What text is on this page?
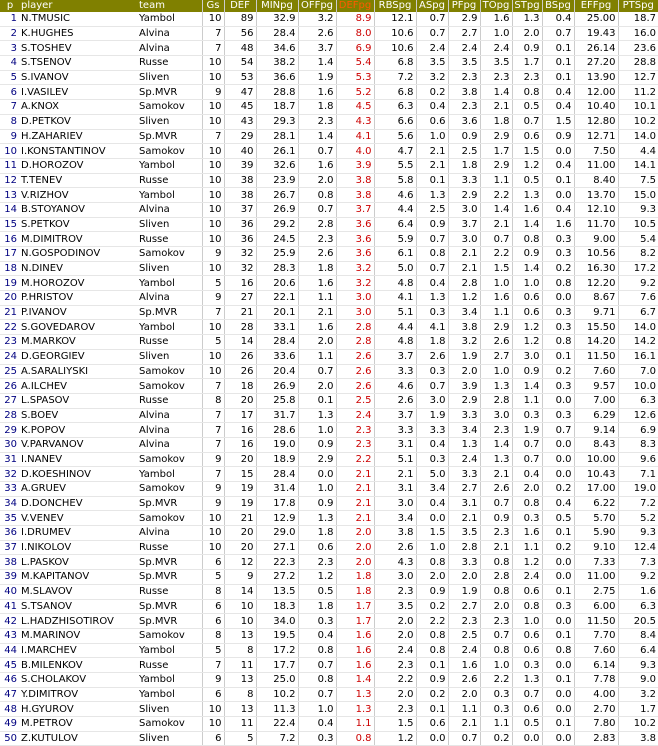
p	player	team	Gs	DEF	MINpg	OFFpg	DEFpg	RBSpg	ASpg	PFpg	TOpg	STpg	BSpg	EFFpg	PTSpg
1	N.TMUSIC	Yambol	10	89	32.9	3.2	8.9	12.1	0.7	2.9	1.6	1.3	0.4	25.00	18.7
2	K.HUGHES	Alvina	7	56	28.4	2.6	8.0	10.6	0.7	2.7	1.0	2.0	0.7	19.43	16.0
3	S.TOSHEV	Alvina	7	48	34.6	3.7	6.9	10.6	2.4	2.4	2.4	0.9	0.1	26.14	23.6
4	S.TSENOV	Russe	10	54	38.2	1.4	5.4	6.8	3.5	3.5	3.5	1.7	0.1	27.20	28.8
5	S.IVANOV	Sliven	10	53	36.6	1.9	5.3	7.2	3.2	2.3	2.3	2.3	0.1	13.90	12.7
6	I.VASILEV	Sp.MVR	9	47	28.8	1.6	5.2	6.8	0.2	3.8	1.4	0.8	0.4	12.00	11.2
7	A.KNOX	Samokov	10	45	18.7	1.8	4.5	6.3	0.4	2.3	2.1	0.5	0.4	10.40	10.1
8	D.PETKOV	Sliven	10	43	29.3	2.3	4.3	6.6	0.6	3.6	1.8	0.7	1.5	12.80	10.2
9	H.ZAHARIEV	Sp.MVR	7	29	28.1	1.4	4.1	5.6	1.0	0.9	2.9	0.6	0.9	12.71	14.0
10	I.KONSTANTINOV	Samokov	10	40	26.1	0.7	4.0	4.7	2.1	2.5	1.7	1.5	0.0	7.50	4.4
11	D.HOROZOV	Yambol	10	39	32.6	1.6	3.9	5.5	2.1	1.8	2.9	1.2	0.4	11.00	14.1
12	T.TENEV	Russe	10	38	23.9	2.0	3.8	5.8	0.1	3.3	1.1	0.5	0.1	8.40	7.5
13	V.RIZHOV	Yambol	10	38	26.7	0.8	3.8	4.6	1.3	2.9	2.2	1.3	0.0	13.70	15.0
14	B.STOYANOV	Alvina	10	37	26.9	0.7	3.7	4.4	2.5	3.0	1.4	1.6	0.4	12.10	9.3
15	S.PETKOV	Sliven	10	36	29.2	2.8	3.6	6.4	0.9	3.7	2.1	1.4	1.6	11.70	10.5
16	M.DIMITROV	Russe	10	36	24.5	2.3	3.6	5.9	0.7	3.0	0.7	0.8	0.3	9.00	5.4
17	N.GOSPODINOV	Samokov	9	32	25.9	2.6	3.6	6.1	0.8	2.1	2.2	0.9	0.3	10.56	8.2
18	N.DINEV	Sliven	10	32	28.3	1.8	3.2	5.0	0.7	2.1	1.5	1.4	0.2	16.30	17.2
19	M.HOROZOV	Yambol	5	16	20.6	1.6	3.2	4.8	0.4	2.8	1.0	1.0	0.8	12.20	9.2
20	P.HRISTOV	Alvina	9	27	22.1	1.1	3.0	4.1	1.3	1.2	1.6	0.6	0.0	8.67	7.6
21	P.IVANOV	Sp.MVR	7	21	20.1	2.1	3.0	5.1	0.3	3.4	1.1	0.6	0.3	9.71	6.7
22	S.GOVEDAROV	Yambol	10	28	33.1	1.6	2.8	4.4	4.1	3.8	2.9	1.2	0.3	15.50	14.0
23	M.MARKOV	Russe	5	14	28.4	2.0	2.8	4.8	1.8	3.2	2.6	1.2	0.8	14.20	14.2
24	D.GEORGIEV	Sliven	10	26	33.6	1.1	2.6	3.7	2.6	1.9	2.7	3.0	0.1	11.50	16.1
25	A.SARALIYSKI	Samokov	10	26	20.4	0.7	2.6	3.3	0.3	2.0	1.0	0.9	0.2	7.60	7.0
26	A.ILCHEV	Samokov	7	18	26.9	2.0	2.6	4.6	0.7	3.9	1.3	1.4	0.3	9.57	10.0
27	L.SPASOV	Russe	8	20	25.8	0.1	2.5	2.6	3.0	2.9	2.8	1.1	0.0	7.00	6.3
28	S.BOEV	Alvina	7	17	31.7	1.3	2.4	3.7	1.9	3.3	3.0	0.3	0.3	6.29	12.6
29	K.POPOV	Alvina	7	16	28.6	1.0	2.3	3.3	3.3	3.4	2.3	1.9	0.7	9.14	6.9
30	V.PARVANOV	Alvina	7	16	19.0	0.9	2.3	3.1	0.4	1.3	1.4	0.7	0.0	8.43	8.3
31	I.NANEV	Samokov	9	20	18.9	2.9	2.2	5.1	0.3	2.4	1.3	0.7	0.0	10.00	9.6
32	D.KOESHINOV	Yambol	7	15	28.4	0.0	2.1	2.1	5.0	3.3	2.1	0.4	0.0	10.43	7.1
33	A.GRUEV	Samokov	9	19	31.4	1.0	2.1	3.1	3.4	2.7	2.6	2.0	0.2	17.00	19.0
34	D.DONCHEV	Sp.MVR	9	19	17.8	0.9	2.1	3.0	0.4	3.1	0.7	0.8	0.4	6.22	7.2
35	V.VENEV	Samokov	10	21	12.9	1.3	2.1	3.4	0.0	2.1	0.9	0.3	0.5	5.70	5.2
36	I.DRUMEV	Alvina	10	20	29.0	1.8	2.0	3.8	1.5	3.5	2.3	1.6	0.1	5.90	9.3
37	I.NIKOLOV	Russe	10	20	27.1	0.6	2.0	2.6	1.0	2.8	2.1	1.1	0.2	9.10	12.4
38	L.PASKOV	Sp.MVR	6	12	22.3	2.3	2.0	4.3	0.8	3.3	0.8	1.2	0.0	7.33	7.3
39	M.KAPITANOV	Sp.MVR	5	9	27.2	1.2	1.8	3.0	2.0	2.0	2.8	2.4	0.0	11.00	9.2
40	M.SLAVOV	Russe	8	14	13.5	0.5	1.8	2.3	0.9	1.9	0.8	0.6	0.1	2.75	1.6
41	S.TSANOV	Sp.MVR	6	10	18.3	1.8	1.7	3.5	0.2	2.7	2.0	0.8	0.3	6.00	6.3
42	L.HADZHISOTIROV	Sp.MVR	6	10	34.0	0.3	1.7	2.0	2.2	2.3	2.3	1.0	0.0	11.50	20.5
43	M.MARINOV	Samokov	8	13	19.5	0.4	1.6	2.0	0.8	2.5	0.7	0.6	0.1	7.70	8.4
44	I.MARCHEV	Yambol	5	8	17.2	0.8	1.6	2.4	0.8	2.4	0.8	0.6	0.8	7.60	6.4
45	B.MILENKOV	Russe	7	11	17.7	0.7	1.6	2.3	0.1	1.6	1.0	0.3	0.0	6.14	9.3
46	S.CHOLAKOV	Yambol	9	13	25.0	0.8	1.4	2.2	0.9	2.6	2.2	1.3	0.1	7.78	9.0
47	Y.DIMITROV	Yambol	6	8	10.2	0.7	1.3	2.0	0.2	2.0	0.3	0.7	0.0	4.00	3.2
48	H.GYUROV	Sliven	10	13	11.3	1.0	1.3	2.3	0.1	1.1	0.3	0.6	0.0	2.70	1.7
49	M.PETROV	Samokov	10	11	22.4	0.4	1.1	1.5	0.6	2.1	1.1	0.5	0.1	7.80	10.2
50	Z.KUTULOV	Sliven	6	5	7.2	0.3	0.8	1.2	0.0	0.7	0.2	0.0	0.0	2.83	3.8
